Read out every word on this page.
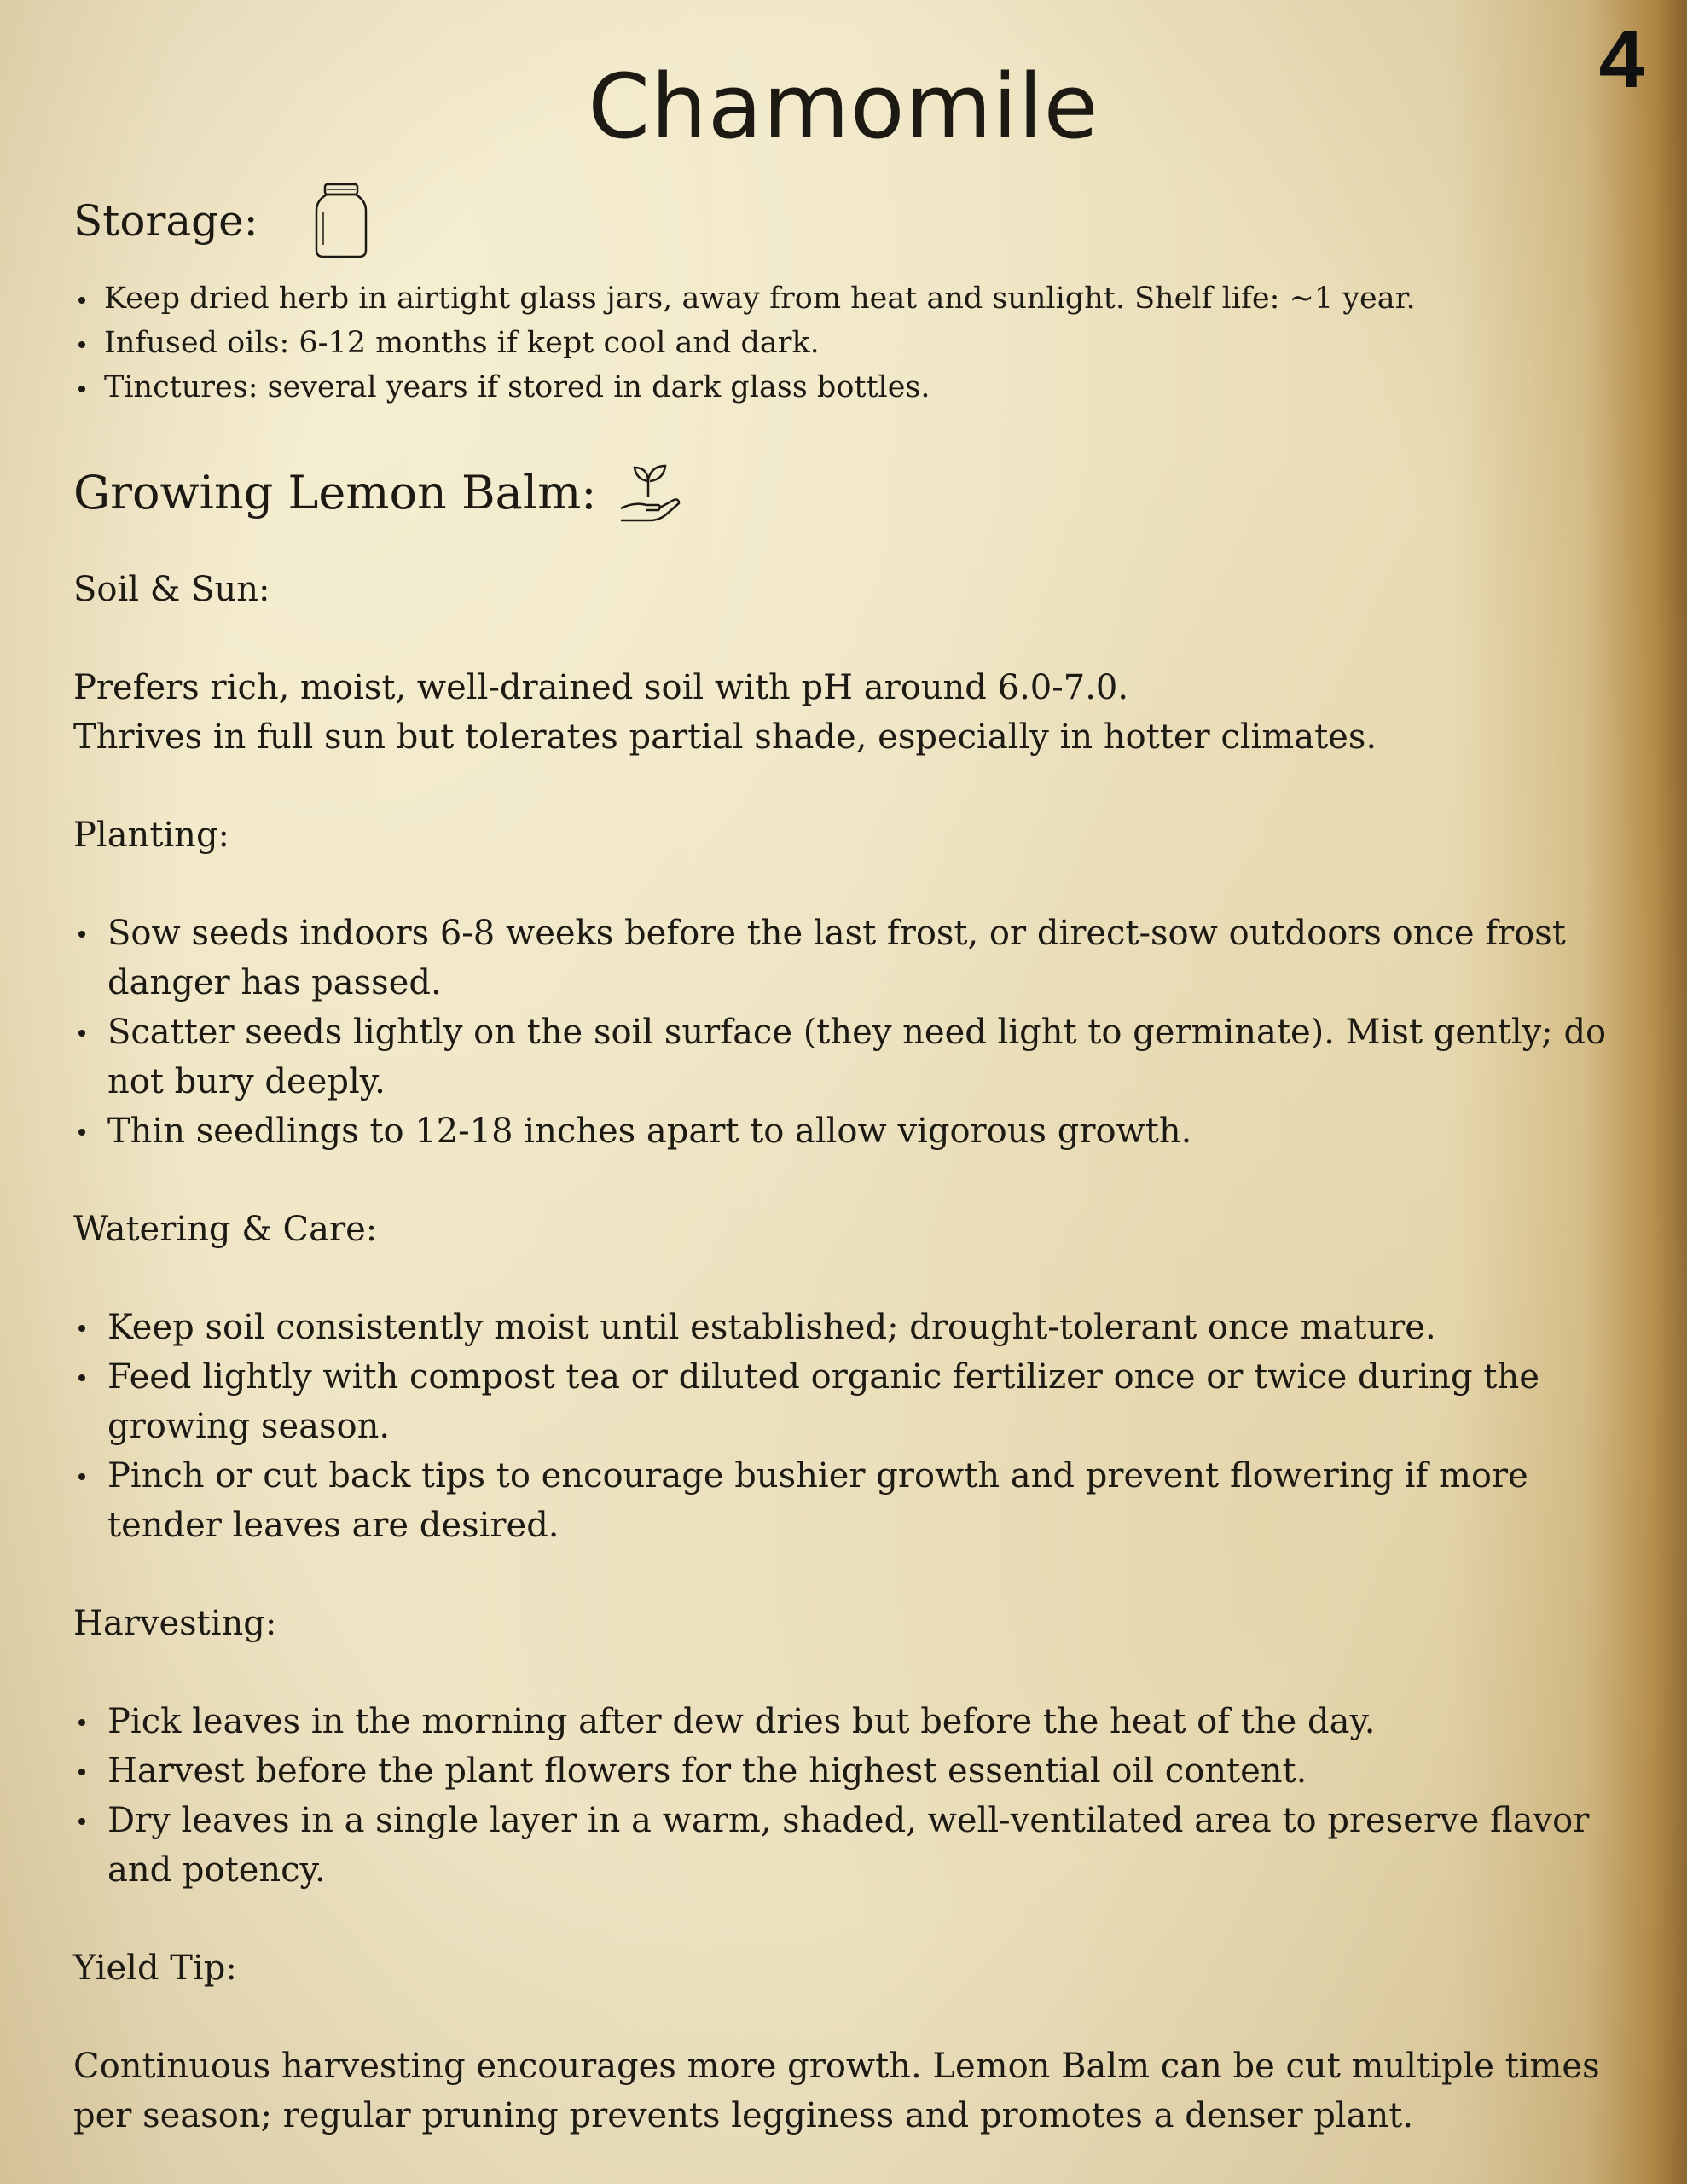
4
Chamomile
Storage:
Keep dried herb in airtight glass jars, away from heat and sunlight. Shelf life: ~1 year.
Infused oils: 6-12 months if kept cool and dark.
Tinctures: several years if stored in dark glass bottles.
Growing Lemon Balm:
Soil & Sun:

Prefers rich, moist, well-drained soil with pH around 6.0-7.0.

Thrives in full sun but tolerates partial shade, especially in hotter climates.

Planting:
Sow seeds indoors 6-8 weeks before the last frost, or direct-sow outdoors once frost danger has passed.
Scatter seeds lightly on the soil surface (they need light to germinate). Mist gently; do not bury deeply.
Thin seedlings to 12-18 inches apart to allow vigorous growth.
Watering & Care:
Keep soil consistently moist until established; drought-tolerant once mature.
Feed lightly with compost tea or diluted organic fertilizer once or twice during the growing season.
Pinch or cut back tips to encourage bushier growth and prevent flowering if more tender leaves are desired.
Harvesting:
Pick leaves in the morning after dew dries but before the heat of the day.
Harvest before the plant flowers for the highest essential oil content.
Dry leaves in a single layer in a warm, shaded, well-ventilated area to preserve flavor and potency.
Yield Tip:

Continuous harvesting encourages more growth. Lemon Balm can be cut multiple times per season; regular pruning prevents legginess and promotes a denser plant.
